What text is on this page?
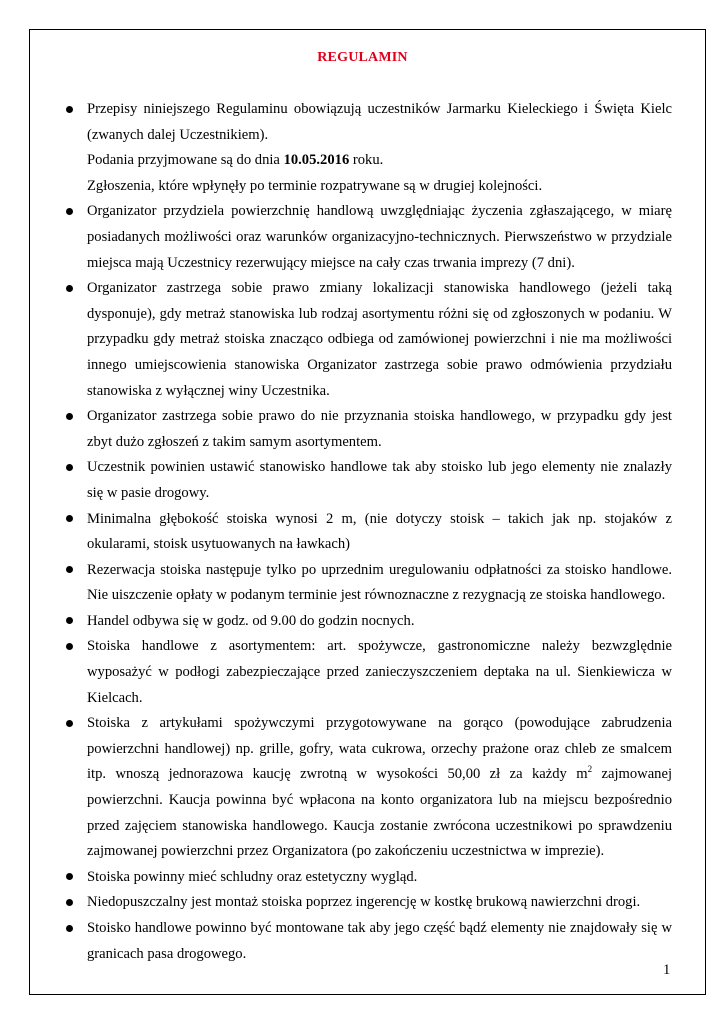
REGULAMIN
Przepisy niniejszego Regulaminu obowiązują uczestników Jarmarku Kieleckiego i Święta Kielc (zwanych dalej Uczestnikiem).
Podania przyjmowane są do dnia 10.05.2016 roku.
Zgłoszenia, które wpłynęły po terminie rozpatrywane są w drugiej kolejności.
Organizator przydziela powierzchnię handlową uwzględniając życzenia zgłaszającego, w miarę posiadanych możliwości oraz warunków organizacyjno-technicznych. Pierwszeństwo w przydziale miejsca mają Uczestnicy rezerwujący miejsce na cały czas trwania imprezy (7 dni).
Organizator zastrzega sobie prawo zmiany lokalizacji stanowiska handlowego (jeżeli taką dysponuje), gdy metraż stanowiska lub rodzaj asortymentu różni się od zgłoszonych w podaniu. W przypadku gdy metraż stoiska znacząco odbiega od zamówionej powierzchni i nie ma możliwości innego umiejscowienia stanowiska Organizator zastrzega sobie prawo odmówienia przydziału stanowiska z wyłącznej winy Uczestnika.
Organizator zastrzega sobie prawo do nie przyznania stoiska handlowego, w przypadku gdy jest zbyt dużo zgłoszeń z takim samym asortymentem.
Uczestnik powinien ustawić stanowisko handlowe tak aby stoisko lub jego elementy nie znalazły się w pasie drogowy.
Minimalna głębokość stoiska wynosi 2 m, (nie dotyczy stoisk – takich jak np. stojaków z okularami, stoisk usytuowanych na ławkach)
Rezerwacja stoiska następuje tylko po uprzednim uregulowaniu odpłatności za stoisko handlowe. Nie uiszczenie opłaty w podanym terminie jest równoznaczne z rezygnacją ze stoiska handlowego.
Handel odbywa się w godz. od 9.00 do godzin nocnych.
Stoiska handlowe z asortymentem: art. spożywcze, gastronomiczne należy bezwzględnie wyposażyć w podłogi zabezpieczające przed zanieczyszczeniem deptaka na ul. Sienkiewicza w Kielcach.
Stoiska z artykułami spożywczymi przygotowywane na gorąco (powodujące zabrudzenia powierzchni handlowej) np. grille, gofry, wata cukrowa, orzechy prażone oraz chleb ze smalcem itp. wnoszą jednorazowa kaucję zwrotną w wysokości 50,00 zł za każdy $m^2$ zajmowanej powierzchni. Kaucja powinna być wpłacona na konto organizatora lub na miejscu bezpośrednio przed zajęciem stanowiska handlowego. Kaucja zostanie zwrócona uczestnikowi po sprawdzeniu zajmowanej powierzchni przez Organizatora (po zakończeniu uczestnictwa w imprezie).
Stoiska powinny mieć schludny oraz estetyczny wygląd.
Niedopuszczalny jest montaż stoiska poprzez ingerencję w kostkę brukową nawierzchni drogi.
Stoisko handlowe powinno być montowane tak aby jego część bądź elementy nie znajdowały się w granicach pasa drogowego.
1
